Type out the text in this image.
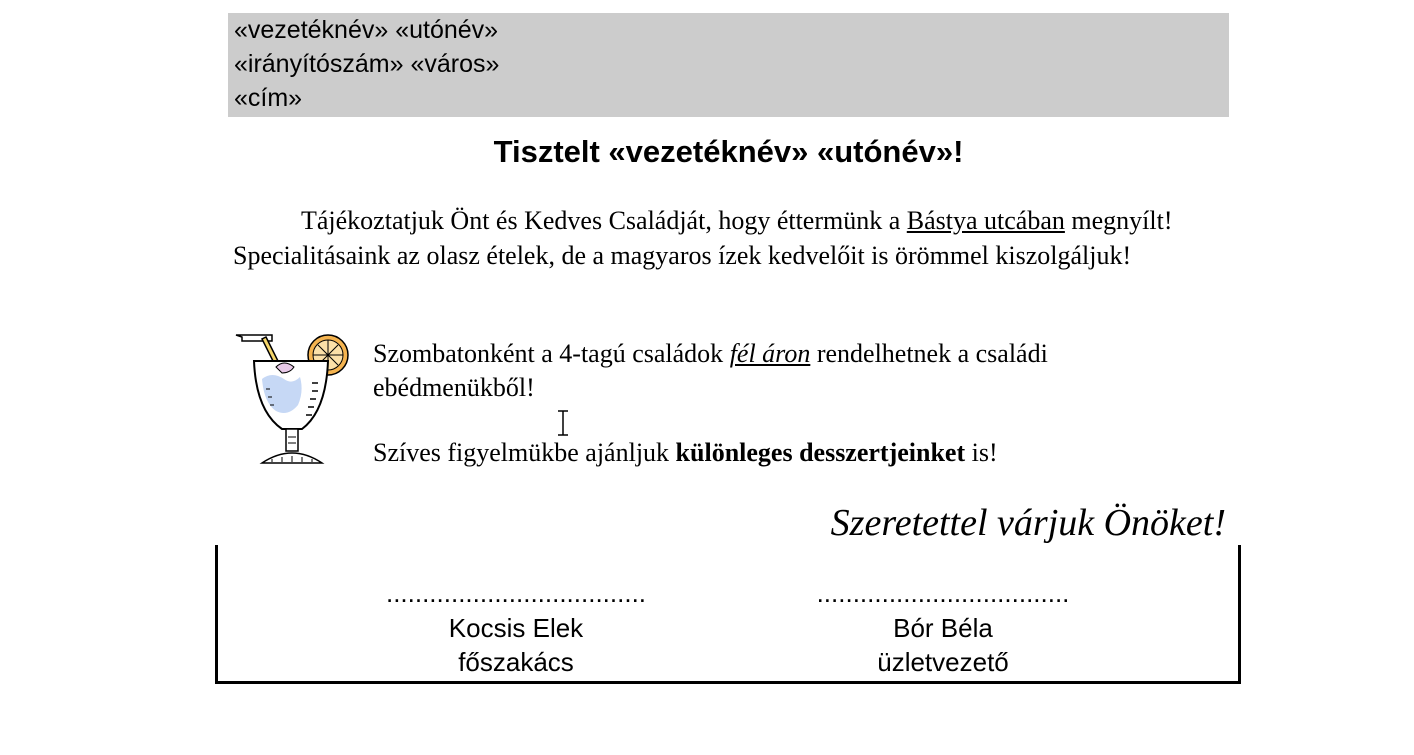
«vezetéknév» «utónév»
«irányítószám» «város»
«cím»
Tisztelt «vezetéknév» «utónév»!

Tájékoztatjuk Önt és Kedves Családját, hogy éttermünk a Bástya utcában megnyílt! Specialitásaink az olasz ételek, de a magyaros ízek kedvelőit is örömmel kiszolgáljuk!

Szombatonként a 4-tagú családok fél áron rendelhetnek a családi ebédmenükből!

Szíves figyelmükbe ajánljuk különleges desszertjeinket is!

Szeretettel várjuk Önöket!
....................................
Kocsis Elek
főszakács
...................................
Bór Béla
üzletvezető
